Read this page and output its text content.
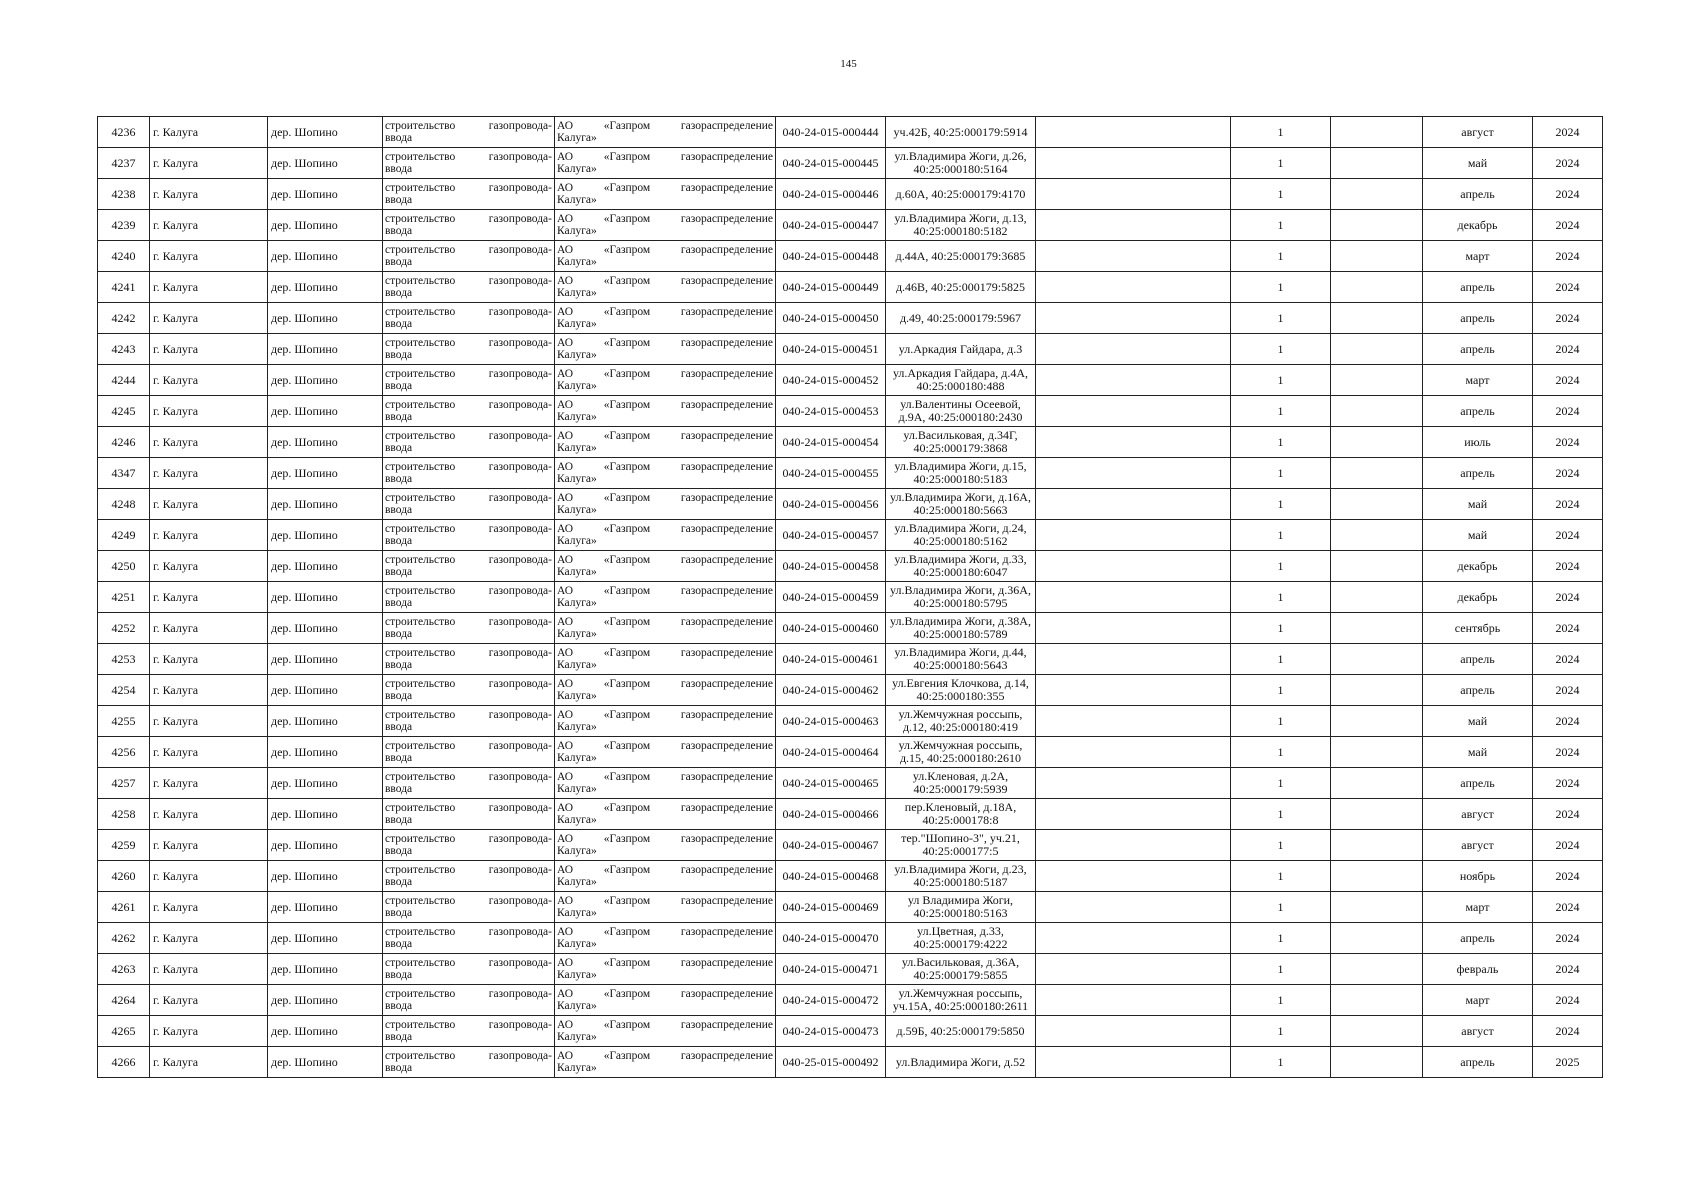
145
4236	г. Калуга	дер. Шопино	строительство газопровода-
ввода	АО «Газпром газораспределение
Калуга»	040-24-015-000444	уч.42Б, 40:25:000179:5914		1		август	2024
4237	г. Калуга	дер. Шопино	строительство газопровода-
ввода	АО «Газпром газораспределение
Калуга»	040-24-015-000445	ул.Владимира Жоги, д.26, 40:25:000180:5164		1		май	2024
4238	г. Калуга	дер. Шопино	строительство газопровода-
ввода	АО «Газпром газораспределение
Калуга»	040-24-015-000446	д.60А, 40:25:000179:4170		1		апрель	2024
4239	г. Калуга	дер. Шопино	строительство газопровода-
ввода	АО «Газпром газораспределение
Калуга»	040-24-015-000447	ул.Владимира Жоги, д.13, 40:25:000180:5182		1		декабрь	2024
4240	г. Калуга	дер. Шопино	строительство газопровода-
ввода	АО «Газпром газораспределение
Калуга»	040-24-015-000448	д.44А, 40:25:000179:3685		1		март	2024
4241	г. Калуга	дер. Шопино	строительство газопровода-
ввода	АО «Газпром газораспределение
Калуга»	040-24-015-000449	д.46В, 40:25:000179:5825		1		апрель	2024
4242	г. Калуга	дер. Шопино	строительство газопровода-
ввода	АО «Газпром газораспределение
Калуга»	040-24-015-000450	д.49, 40:25:000179:5967		1		апрель	2024
4243	г. Калуга	дер. Шопино	строительство газопровода-
ввода	АО «Газпром газораспределение
Калуга»	040-24-015-000451	ул.Аркадия Гайдара, д.3		1		апрель	2024
4244	г. Калуга	дер. Шопино	строительство газопровода-
ввода	АО «Газпром газораспределение
Калуга»	040-24-015-000452	ул.Аркадия Гайдара, д.4А, 40:25:000180:488		1		март	2024
4245	г. Калуга	дер. Шопино	строительство газопровода-
ввода	АО «Газпром газораспределение
Калуга»	040-24-015-000453	ул.Валентины Осеевой, д.9А, 40:25:000180:2430		1		апрель	2024
4246	г. Калуга	дер. Шопино	строительство газопровода-
ввода	АО «Газпром газораспределение
Калуга»	040-24-015-000454	ул.Васильковая, д.34Г, 40:25:000179:3868		1		июль	2024
4347	г. Калуга	дер. Шопино	строительство газопровода-
ввода	АО «Газпром газораспределение
Калуга»	040-24-015-000455	ул.Владимира Жоги, д.15, 40:25:000180:5183		1		апрель	2024
4248	г. Калуга	дер. Шопино	строительство газопровода-
ввода	АО «Газпром газораспределение
Калуга»	040-24-015-000456	ул.Владимира Жоги, д.16А, 40:25:000180:5663		1		май	2024
4249	г. Калуга	дер. Шопино	строительство газопровода-
ввода	АО «Газпром газораспределение
Калуга»	040-24-015-000457	ул.Владимира Жоги, д.24, 40:25:000180:5162		1		май	2024
4250	г. Калуга	дер. Шопино	строительство газопровода-
ввода	АО «Газпром газораспределение
Калуга»	040-24-015-000458	ул.Владимира Жоги, д.33, 40:25:000180:6047		1		декабрь	2024
4251	г. Калуга	дер. Шопино	строительство газопровода-
ввода	АО «Газпром газораспределение
Калуга»	040-24-015-000459	ул.Владимира Жоги, д.36А, 40:25:000180:5795		1		декабрь	2024
4252	г. Калуга	дер. Шопино	строительство газопровода-
ввода	АО «Газпром газораспределение
Калуга»	040-24-015-000460	ул.Владимира Жоги, д.38А, 40:25:000180:5789		1		сентябрь	2024
4253	г. Калуга	дер. Шопино	строительство газопровода-
ввода	АО «Газпром газораспределение
Калуга»	040-24-015-000461	ул.Владимира Жоги, д.44, 40:25:000180:5643		1		апрель	2024
4254	г. Калуга	дер. Шопино	строительство газопровода-
ввода	АО «Газпром газораспределение
Калуга»	040-24-015-000462	ул.Евгения Клочкова, д.14, 40:25:000180:355		1		апрель	2024
4255	г. Калуга	дер. Шопино	строительство газопровода-
ввода	АО «Газпром газораспределение
Калуга»	040-24-015-000463	ул.Жемчужная россыпь, д.12, 40:25:000180:419		1		май	2024
4256	г. Калуга	дер. Шопино	строительство газопровода-
ввода	АО «Газпром газораспределение
Калуга»	040-24-015-000464	ул.Жемчужная россыпь, д.15, 40:25:000180:2610		1		май	2024
4257	г. Калуга	дер. Шопино	строительство газопровода-
ввода	АО «Газпром газораспределение
Калуга»	040-24-015-000465	ул.Кленовая, д.2А, 40:25:000179:5939		1		апрель	2024
4258	г. Калуга	дер. Шопино	строительство газопровода-
ввода	АО «Газпром газораспределение
Калуга»	040-24-015-000466	пер.Кленовый, д.18А, 40:25:000178:8		1		август	2024
4259	г. Калуга	дер. Шопино	строительство газопровода-
ввода	АО «Газпром газораспределение
Калуга»	040-24-015-000467	тер."Шопино-3", уч.21, 40:25:000177:5		1		август	2024
4260	г. Калуга	дер. Шопино	строительство газопровода-
ввода	АО «Газпром газораспределение
Калуга»	040-24-015-000468	ул.Владимира Жоги, д.23, 40:25:000180:5187		1		ноябрь	2024
4261	г. Калуга	дер. Шопино	строительство газопровода-
ввода	АО «Газпром газораспределение
Калуга»	040-24-015-000469	ул Владимира Жоги, 40:25:000180:5163		1		март	2024
4262	г. Калуга	дер. Шопино	строительство газопровода-
ввода	АО «Газпром газораспределение
Калуга»	040-24-015-000470	ул.Цветная, д.33, 40:25:000179:4222		1		апрель	2024
4263	г. Калуга	дер. Шопино	строительство газопровода-
ввода	АО «Газпром газораспределение
Калуга»	040-24-015-000471	ул.Васильковая, д.36А, 40:25:000179:5855		1		февраль	2024
4264	г. Калуга	дер. Шопино	строительство газопровода-
ввода	АО «Газпром газораспределение
Калуга»	040-24-015-000472	ул.Жемчужная россыпь, уч.15А, 40:25:000180:2611		1		март	2024
4265	г. Калуга	дер. Шопино	строительство газопровода-
ввода	АО «Газпром газораспределение
Калуга»	040-24-015-000473	д.59Б, 40:25:000179:5850		1		август	2024
4266	г. Калуга	дер. Шопино	строительство газопровода-
ввода	АО «Газпром газораспределение
Калуга»	040-25-015-000492	ул.Владимира Жоги, д.52		1		апрель	2025
